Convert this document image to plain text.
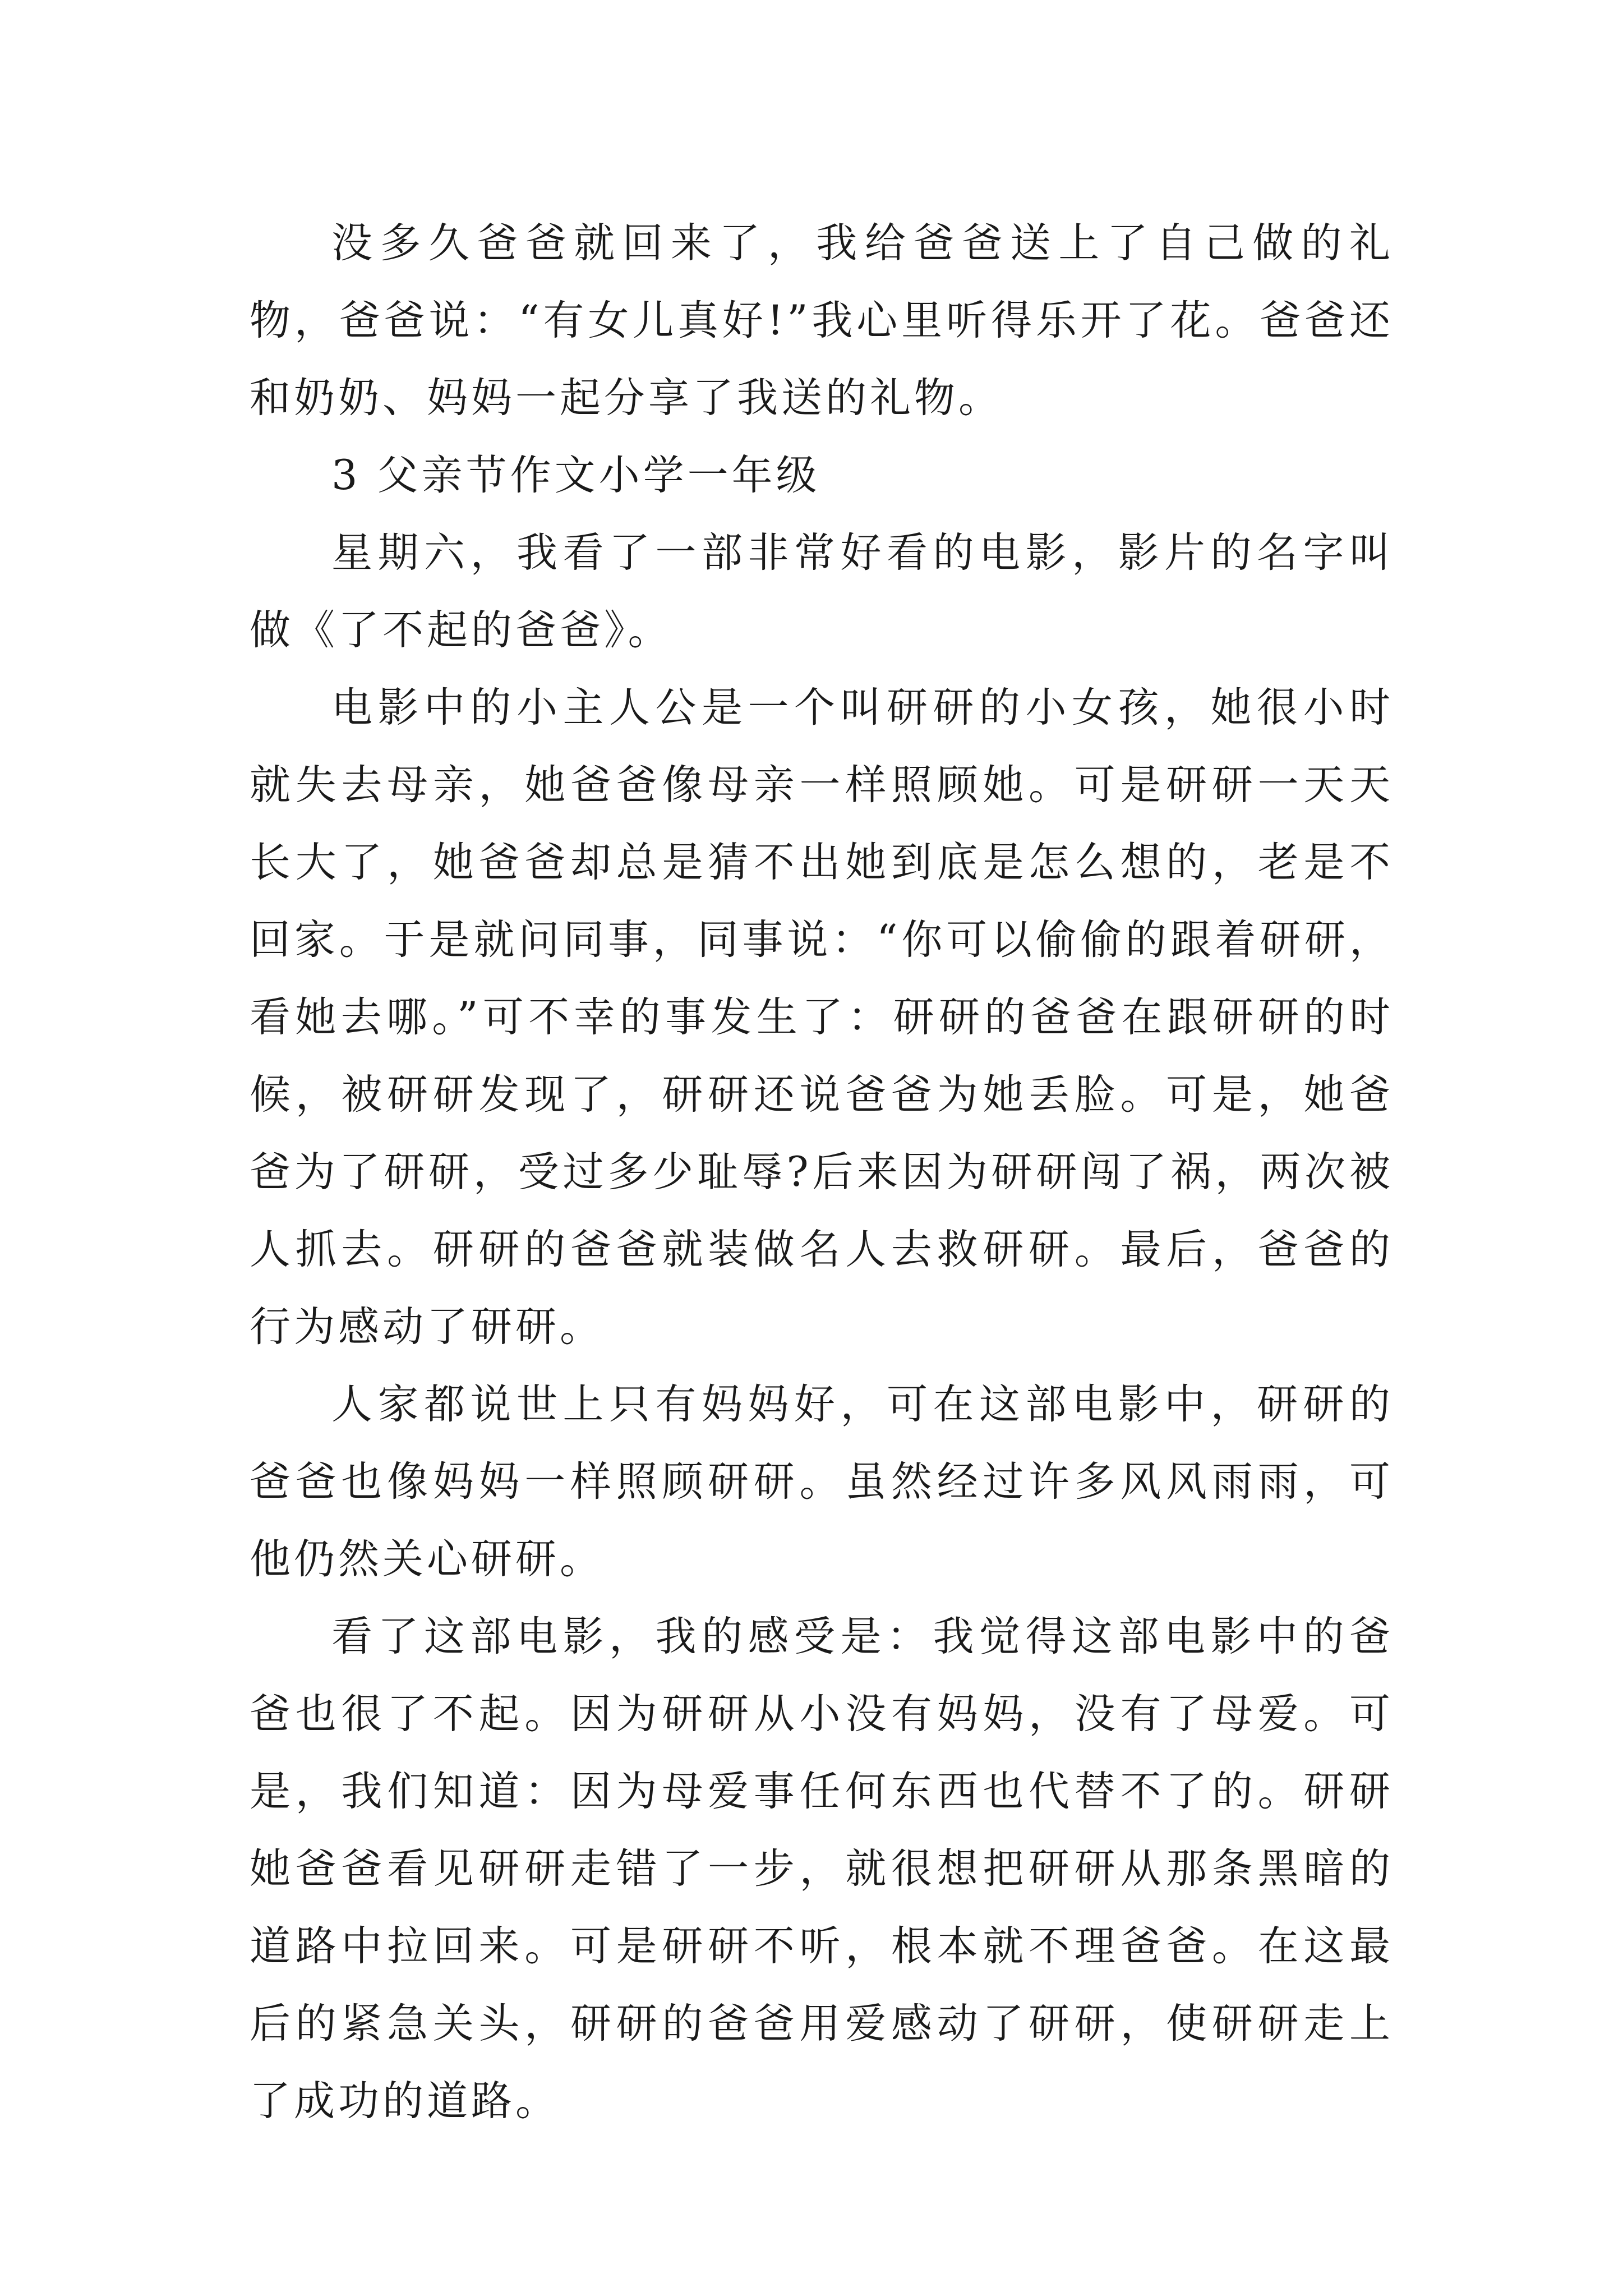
没多久爸爸就回来了，我给爸爸送上了自己做的礼物，爸爸说：“有女儿真好!”我心里听得乐开了花。爸爸还和奶奶、妈妈一起分享了我送的礼物。

3 父亲节作文小学一年级

星期六，我看了一部非常好看的电影，影片的名字叫做《了不起的爸爸》。

电影中的小主人公是一个叫研研的小女孩，她很小时就失去母亲，她爸爸像母亲一样照顾她。可是研研一天天长大了，她爸爸却总是猜不出她到底是怎么想的，老是不回家。于是就问同事，同事说：“你可以偷偷的跟着研研，看她去哪。”可不幸的事发生了：研研的爸爸在跟研研的时候，被研研发现了，研研还说爸爸为她丢脸。可是，她爸爸为了研研，受过多少耻辱?后来因为研研闯了祸，两次被人抓去。研研的爸爸就装做名人去救研研。最后，爸爸的行为感动了研研。

人家都说世上只有妈妈好，可在这部电影中，研研的爸爸也像妈妈一样照顾研研。虽然经过许多风风雨雨，可他仍然关心研研。

看了这部电影，我的感受是：我觉得这部电影中的爸爸也很了不起。因为研研从小没有妈妈，没有了母爱。可是，我们知道：因为母爱事任何东西也代替不了的。研研她爸爸看见研研走错了一步，就很想把研研从那条黑暗的道路中拉回来。可是研研不听，根本就不理爸爸。在这最后的紧急关头，研研的爸爸用爱感动了研研，使研研走上了成功的道路。
